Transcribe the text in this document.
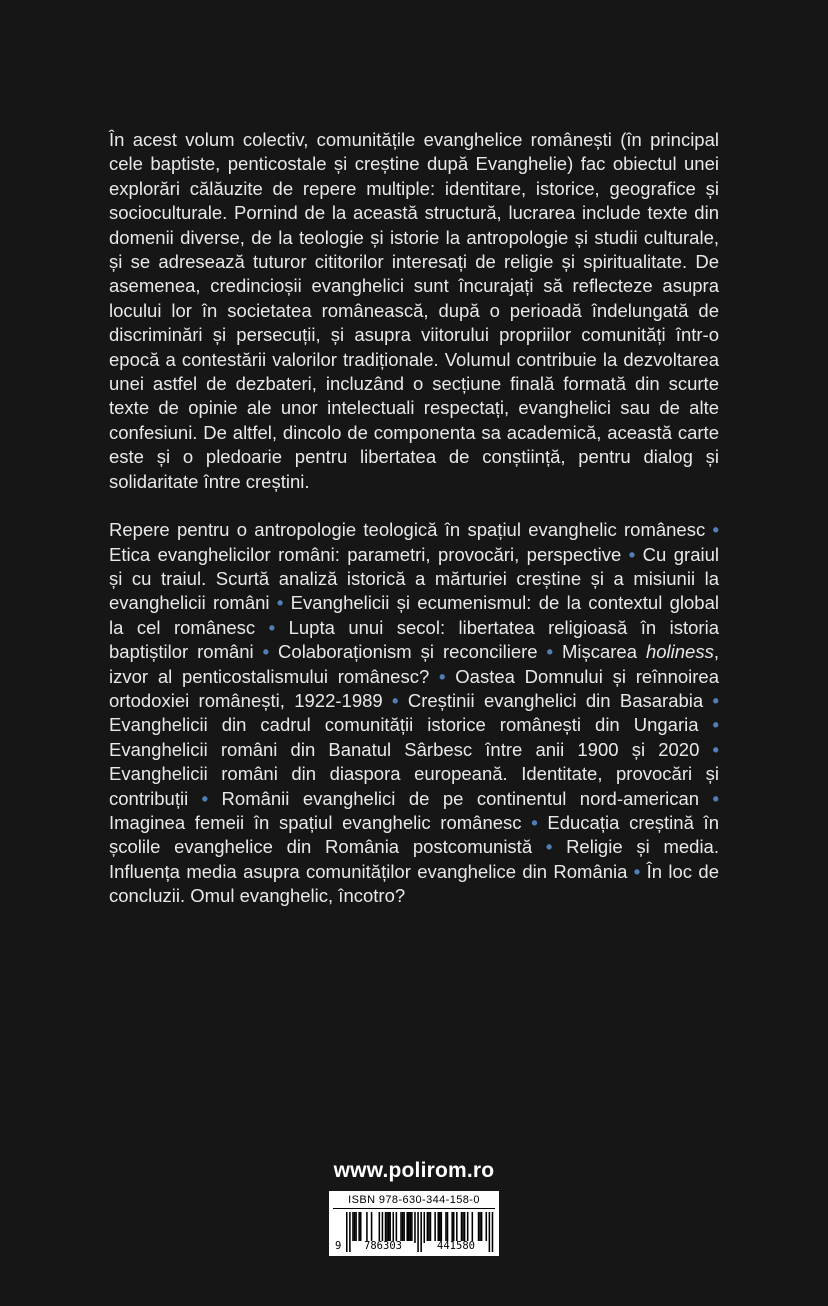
În acest volum colectiv, comunitățile evanghelice românești (în principal cele baptiste, penticostale și creștine după Evanghelie) fac obiectul unei explorări călăuzite de repere multiple: identitare, istorice, geografice și socioculturale. Pornind de la această structură, lucrarea include texte din domenii diverse, de la teologie și istorie la antropologie și studii culturale, și se adresează tuturor cititorilor interesați de religie și spiritualitate. De asemenea, credincioșii evanghelici sunt încurajați să reflecteze asupra locului lor în societatea românească, după o perioadă îndelungată de discriminări și persecuții, și asupra viitorului propriilor comunități într-o epocă a contestării valorilor tradiționale. Volumul contribuie la dezvoltarea unei astfel de dezbateri, incluzând o secțiune finală formată din scurte texte de opinie ale unor intelectuali respectați, evanghelici sau de alte confesiuni. De altfel, dincolo de componenta sa academică, această carte este și o pledoarie pentru libertatea de conștiință, pentru dialog și solidaritate între creștini.

Repere pentru o antropologie teologică în spațiul evanghelic românesc • Etica evanghelicilor români: parametri, provocări, perspective • Cu graiul și cu traiul. Scurtă analiză istorică a mărturiei creștine și a misiunii la evanghelicii români • Evanghelicii și ecumenismul: de la contextul global la cel românesc • Lupta unui secol: libertatea religioasă în istoria baptiștilor români • Colaboraționism și reconciliere • Mișcarea holiness, izvor al penticostalismului românesc? • Oastea Domnului și reînnoirea ortodoxiei românești, 1922-1989 • Creștinii evanghelici din Basarabia • Evanghelicii din cadrul comunității istorice românești din Ungaria • Evanghelicii români din Banatul Sârbesc între anii 1900 și 2020 • Evanghelicii români din diaspora europeană. Identitate, provocări și contribuții • Românii evanghelici de pe continentul nord-american • Imaginea femeii în spațiul evanghelic românesc • Educația creștină în școlile evanghelice din România postcomunistă • Religie și media. Influența media asupra comunităților evanghelice din România • În loc de concluzii. Omul evanghelic, încotro?

www.polirom.ro
ISBN 978-630-344-158-0
9	786303	441580
